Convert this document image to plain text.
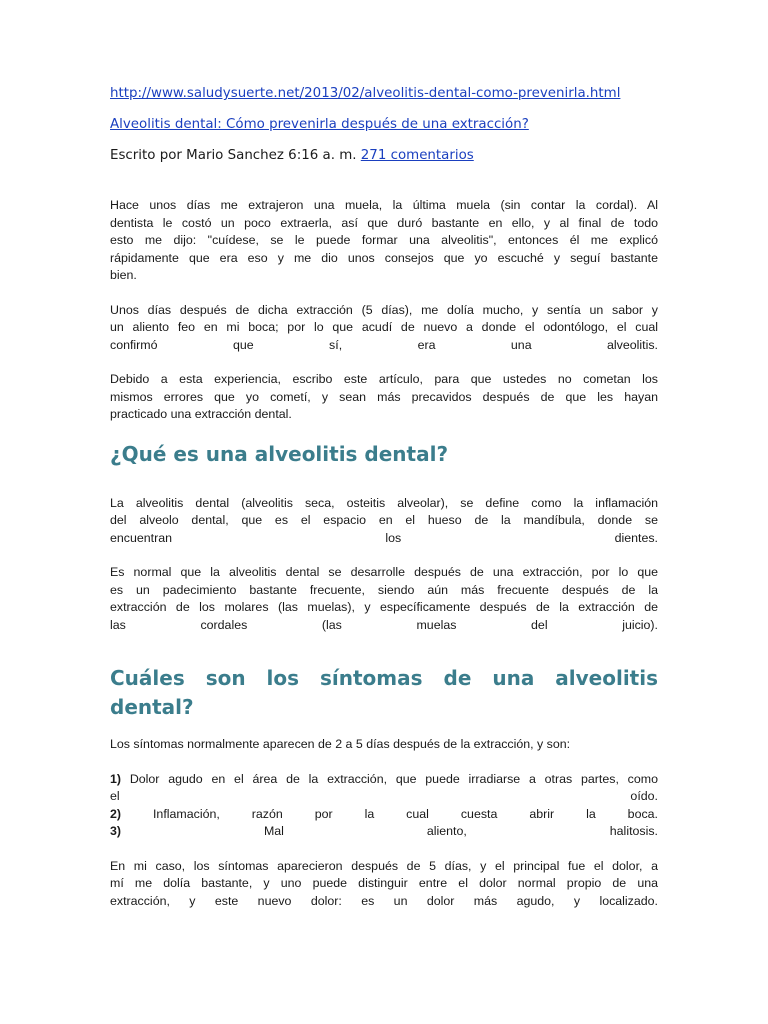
http://www.saludysuerte.net/2013/02/alveolitis-dental-como-prevenirla.html
Alveolitis dental: Cómo prevenirla después de una extracción?

Escrito por Mario Sanchez 6:16 a. m. 271 comentarios

Hace unos días me extrajeron una muela, la última muela (sin contar la cordal). Al

dentista le costó un poco extraerla, así que duró bastante en ello, y al final de todo

esto me dijo: "cuídese, se le puede formar una alveolitis", entonces él me explicó

rápidamente que era eso y me dio unos consejos que yo escuché y seguí bastante

bien.

Unos días después de dicha extracción (5 días), me dolía mucho, y sentía un sabor y

un aliento feo en mi boca; por lo que acudí de nuevo a donde el odontólogo, el cual

confirmó que sí, era una alveolitis.

Debido a esta experiencia, escribo este artículo, para que ustedes no cometan los

mismos errores que yo cometí, y sean más precavidos después de que les hayan

practicado una extracción dental.

¿Qué es una alveolitis dental?

La alveolitis dental (alveolitis seca, osteitis alveolar), se define como la inflamación

del alveolo dental, que es el espacio en el hueso de la mandíbula, donde se

encuentran los dientes.

Es normal que la alveolitis dental se desarrolle después de una extracción, por lo que

es un padecimiento bastante frecuente, siendo aún más frecuente después de la

extracción de los molares (las muelas), y específicamente después de la extracción de

las cordales (las muelas del juicio).

Cuáles son los síntomas de una alveolitis dental?

Los síntomas normalmente aparecen de 2 a 5 días después de la extracción, y son:

1) Dolor agudo en el área de la extracción, que puede irradiarse a otras partes, como

el oído.

2) Inflamación, razón por la cual cuesta abrir la boca.

3) Mal aliento, halitosis.

En mi caso, los síntomas aparecieron después de 5 días, y el principal fue el dolor, a

mí me dolía bastante, y uno puede distinguir entre el dolor normal propio de una

extracción, y este nuevo dolor: es un dolor más agudo, y localizado.
